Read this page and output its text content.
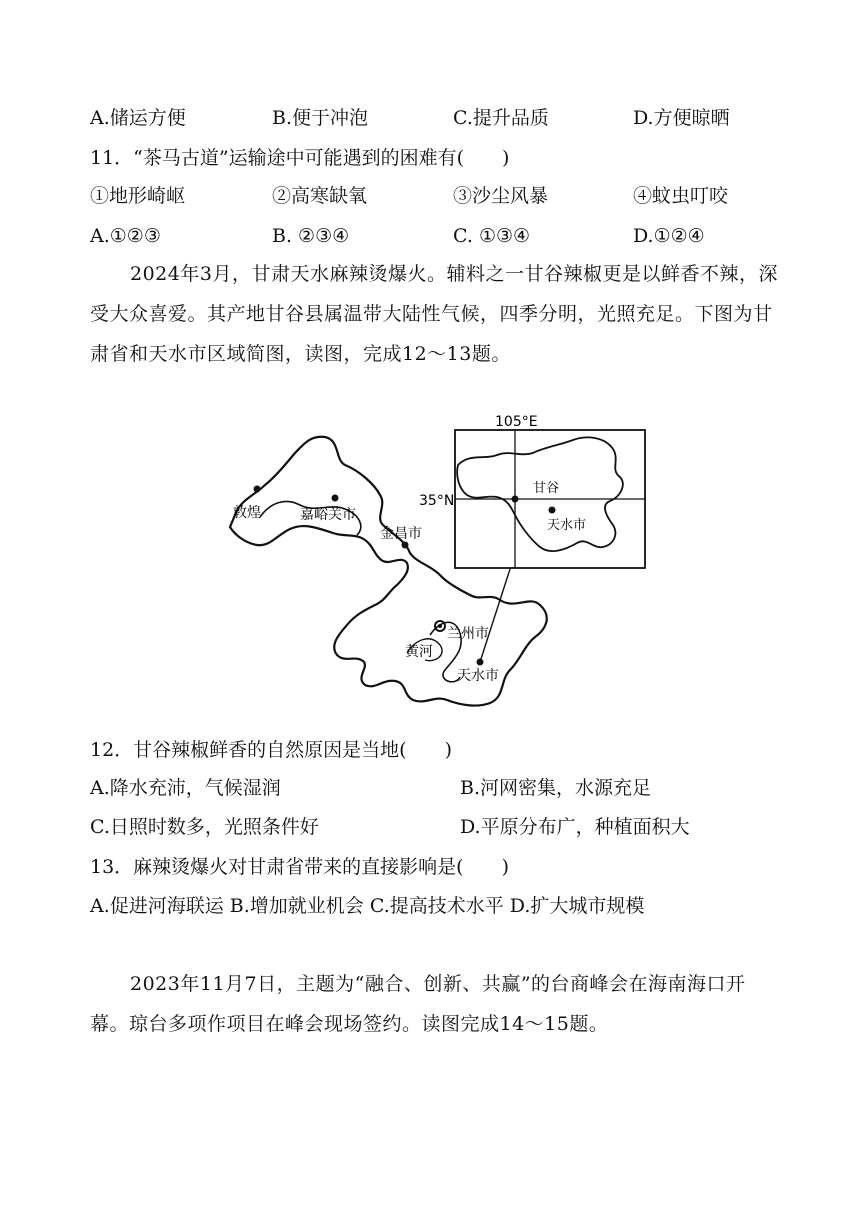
A.储运方便	B.便于冲泡	C.提升品质	D.方便晾晒
11．“茶马古道”运输途中可能遇到的困难有(　　)
①地形崎岖	②高寒缺氧	③沙尘风暴	④蚊虫叮咬
A.①②③	B. ②③④	C. ①③④	D.①②④
2024年3月，甘肃天水麻辣烫爆火。辅料之一甘谷辣椒更是以鲜香不辣，深受大众喜爱。其产地甘谷县属温带大陆性气候，四季分明，光照充足。下图为甘肃省和天水市区域简图，读图，完成12～13题。
敦煌	嘉峪关市
金昌市
兰州市
天水市
黄河
105°E
35°N
甘谷
天水市
12．甘谷辣椒鲜香的自然原因是当地(　　)
A.降水充沛，气候湿润	B.河网密集，水源充足
C.日照时数多，光照条件好	D.平原分布广，种植面积大
13．麻辣烫爆火对甘肃省带来的直接影响是(　　)
A.促进河海联运 B.增加就业机会 C.提高技术水平 D.扩大城市规模
2023年11月7日，主题为“融合、创新、共赢”的台商峰会在海南海口开幕。琼台多项作项目在峰会现场签约。读图完成14～15题。
